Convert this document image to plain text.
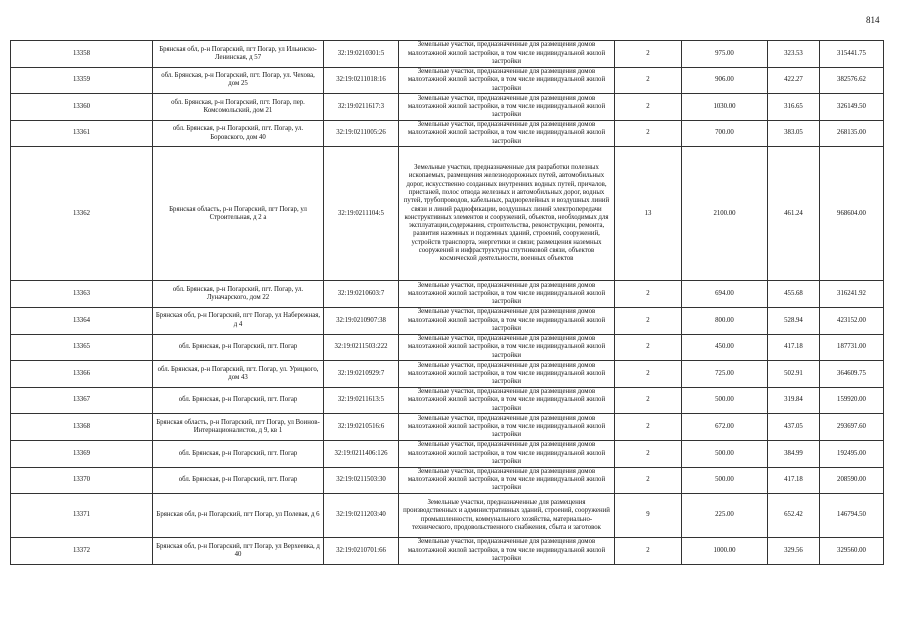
814
13358	Брянская обл, р-н Погарский, пгт Погар, ул Ильинско-Ленинская, д 57	32:19:0210301:5	Земельные участки, предназначенные для размещения домов малоэтажной жилой застройки, в том числе индивидуальной жилой застройки	2	975.00	323.53	315441.75
13359	обл. Брянская, р-н Погарский, пгт. Погар, ул. Чехова, дом 25	32:19:0211018:16	Земельные участки, предназначенные для размещения домов малоэтажной жилой застройки, в том числе индивидуальной жилой застройки	2	906.00	422.27	382576.62
13360	обл. Брянская, р-н Погарский, пгт. Погар, пер. Комсомольский, дом 21	32:19:0211617:3	Земельные участки, предназначенные для размещения домов малоэтажной жилой застройки, в том числе индивидуальной жилой застройки	2	1030.00	316.65	326149.50
13361	обл. Брянская, р-н Погарский, пгт. Погар, ул. Боровского, дом 40	32:19:0211005:26	Земельные участки, предназначенные для размещения домов малоэтажной жилой застройки, в том числе индивидуальной жилой застройки	2	700.00	383.05	268135.00
13362	Брянская область, р-н Погарский, пгт Погар, ул Строительная, д 2 а	32:19:0211104:5	Земельные участки, предназначенные для разработки полезных ископаемых, размещения железнодорожных путей, автомобильных дорог, искусственно созданных внутренних водных путей, причалов, пристаней, полос отвода железных и автомобильных дорог, водных путей, трубопроводов, кабельных, радиорелейных и воздушных линий связи и линий радиофикации, воздушных линий электропередачи конструктивных элементов и сооружений, объектов, необходимых для эксплуатации,содержания, строительства, реконструкции, ремонта, развития наземных и подземных зданий, строений, сооружений, устройств транспорта, энергетики и связи; размещения наземных сооружений и инфраструктуры спутниковой связи, объектов космической деятельности, военных объектов	13	2100.00	461.24	968604.00
13363	обл. Брянская, р-н Погарский, пгт. Погар, ул. Луначарского, дом 22	32:19:0210603:7	Земельные участки, предназначенные для размещения домов малоэтажной жилой застройки, в том числе индивидуальной жилой застройки	2	694.00	455.68	316241.92
13364	Брянская обл, р-н Погарский, пгт Погар, ул Набережная, д 4	32:19:0210907:38	Земельные участки, предназначенные для размещения домов малоэтажной жилой застройки, в том числе индивидуальной жилой застройки	2	800.00	528.94	423152.00
13365	обл. Брянская, р-н Погарский, пгт. Погар	32:19:0211503:222	Земельные участки, предназначенные для размещения домов малоэтажной жилой застройки, в том числе индивидуальной жилой застройки	2	450.00	417.18	187731.00
13366	обл. Брянская, р-н Погарский, пгт. Погар, ул. Урицкого, дом 43	32:19:0210929:7	Земельные участки, предназначенные для размещения домов малоэтажной жилой застройки, в том числе индивидуальной жилой застройки	2	725.00	502.91	364609.75
13367	обл. Брянская, р-н Погарский, пгт. Погар	32:19:0211613:5	Земельные участки, предназначенные для размещения домов малоэтажной жилой застройки, в том числе индивидуальной жилой застройки	2	500.00	319.84	159920.00
13368	Брянская область, р-н Погарский, пгт Погар, ул Воинов-Интернационалистов, д 9, кв 1	32:19:0210516:6	Земельные участки, предназначенные для размещения домов малоэтажной жилой застройки, в том числе индивидуальной жилой застройки	2	672.00	437.05	293697.60
13369	обл. Брянская, р-н Погарский, пгт. Погар	32:19:0211406:126	Земельные участки, предназначенные для размещения домов малоэтажной жилой застройки, в том числе индивидуальной жилой застройки	2	500.00	384.99	192495.00
13370	обл. Брянская, р-н Погарский, пгт. Погар	32:19:0211503:30	Земельные участки, предназначенные для размещения домов малоэтажной жилой застройки, в том числе индивидуальной жилой застройки	2	500.00	417.18	208590.00
13371	Брянская обл, р-н Погарский, пгт Погар, ул Полевая, д 6	32:19:0211203:40	Земельные участки, предназначенные для размещения производственных и административных зданий, строений, сооружений промышленности, коммунального хозяйства, материально-технического, продовольственного снабжения, сбыта и заготовок	9	225.00	652.42	146794.50
13372	Брянская обл, р-н Погарский, пгт Погар, ул Верхеевка, д 40	32:19:0210701:66	Земельные участки, предназначенные для размещения домов малоэтажной жилой застройки, в том числе индивидуальной жилой застройки	2	1000.00	329.56	329560.00
